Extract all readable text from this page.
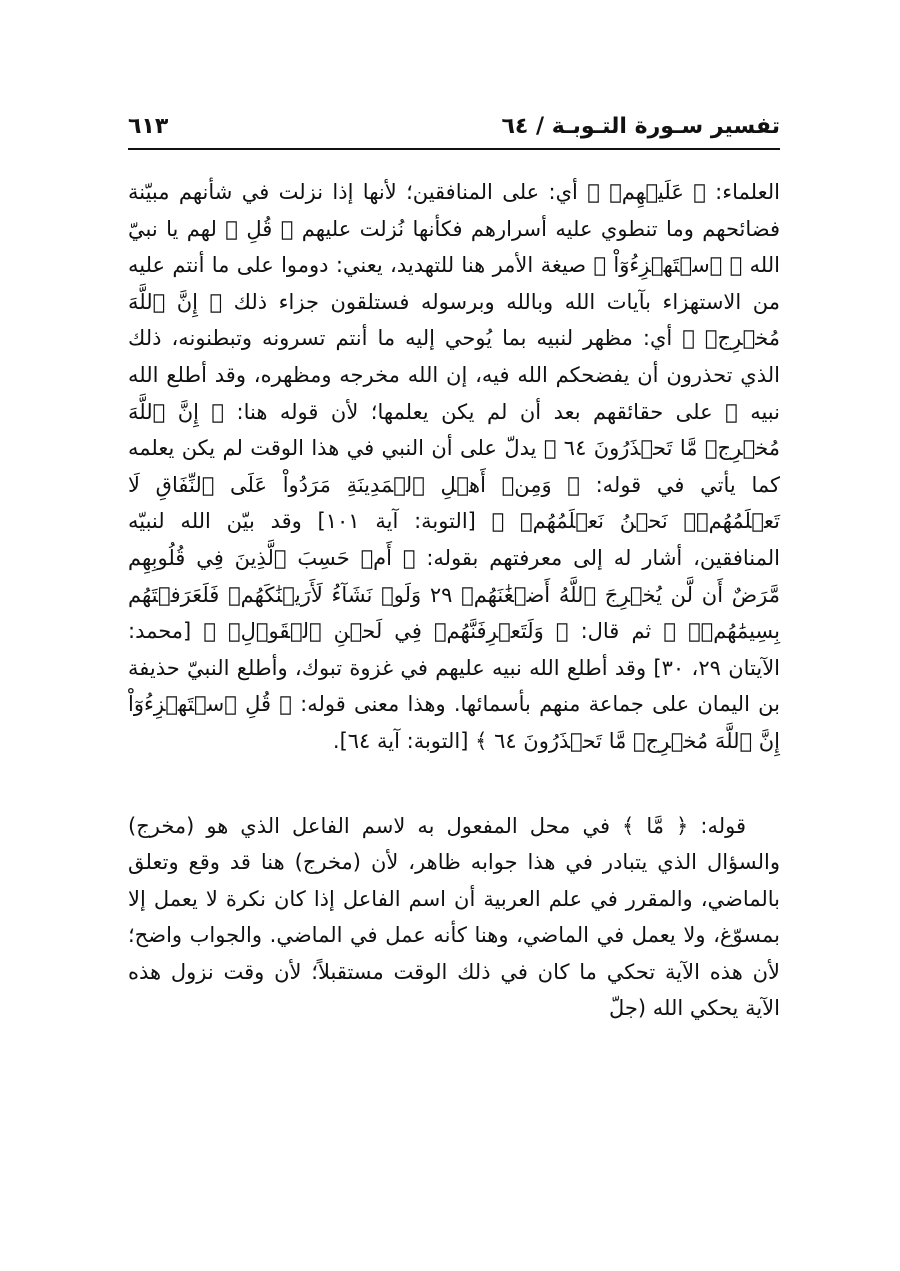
تفسير سـورة التـوبـة / ٦٤
٦١٣

العلماء: ﴿ عَلَيۡهِمۡ ﴾ أي: على المنافقين؛ لأنها إذا نزلت في شأنهم مبيّنة فضائحهم وما تنطوي عليه أسرارهم فكأنها نُزلت عليهم ﴿ قُلِ ﴾ لهم يا نبيّ الله ﴿ ٱسۡتَهۡزِءُوٓاْ ﴾ صيغة الأمر هنا للتهديد، يعني: دوموا على ما أنتم عليه من الاستهزاء بآيات الله وبالله وبرسوله فستلقون جزاء ذلك ﴿ إِنَّ ٱللَّهَ مُخۡرِجٞ ﴾ أي: مظهر لنبيه بما يُوحي إليه ما أنتم تسرونه وتبطنونه، ذلك الذي تحذرون أن يفضحكم الله فيه، إن الله مخرجه ومظهره، وقد أطلع الله نبيه ﷺ على حقائقهم بعد أن لم يكن يعلمها؛ لأن قوله هنا: ﴿ إِنَّ ٱللَّهَ مُخۡرِجٞ مَّا تَحۡذَرُونَ ٦٤ ﴾ يدلّ على أن النبي في هذا الوقت لم يكن يعلمه كما يأتي في قوله: ﴿ وَمِنۡ أَهۡلِ ٱلۡمَدِينَةِ مَرَدُواْ عَلَى ٱلنِّفَاقِ لَا تَعۡلَمُهُمۡۖ نَحۡنُ نَعۡلَمُهُمۡ ﴾ [التوبة: آية ١٠١] وقد بيّن الله لنبيّه المنافقين، أشار له إلى معرفتهم بقوله: ﴿ أَمۡ حَسِبَ ٱلَّذِينَ فِي قُلُوبِهِم مَّرَضٌ أَن لَّن يُخۡرِجَ ٱللَّهُ أَضۡغَٰنَهُمۡ ٢٩ وَلَوۡ نَشَآءُ لَأَرَيۡنَٰكَهُمۡ فَلَعَرَفۡتَهُم بِسِيمَٰهُمۡۚ ﴾ ثم قال: ﴿ وَلَتَعۡرِفَنَّهُمۡ فِي لَحۡنِ ٱلۡقَوۡلِۚ ﴾ [محمد: الآيتان ٢٩، ٣٠] وقد أطلع الله نبيه عليهم في غزوة تبوك، وأطلع النبيّ حذيفة بن اليمان على جماعة منهم بأسمائها. وهذا معنى قوله: ﴿ قُلِ ٱسۡتَهۡزِءُوٓاْ إِنَّ ٱللَّهَ مُخۡرِجٞ مَّا تَحۡذَرُونَ ٦٤ ﴾ [التوبة: آية ٦٤].

قوله: ﴿ مَّا ﴾ في محل المفعول به لاسم الفاعل الذي هو (مخرج) والسؤال الذي يتبادر في هذا جوابه ظاهر، لأن (مخرج) هنا قد وقع وتعلق بالماضي، والمقرر في علم العربية أن اسم الفاعل إذا كان نكرة لا يعمل إلا بمسوّغ، ولا يعمل في الماضي، وهنا كأنه عمل في الماضي. والجواب واضح؛ لأن هذه الآية تحكي ما كان في ذلك الوقت مستقبلاً؛ لأن وقت نزول هذه الآية يحكي الله (جلّ
